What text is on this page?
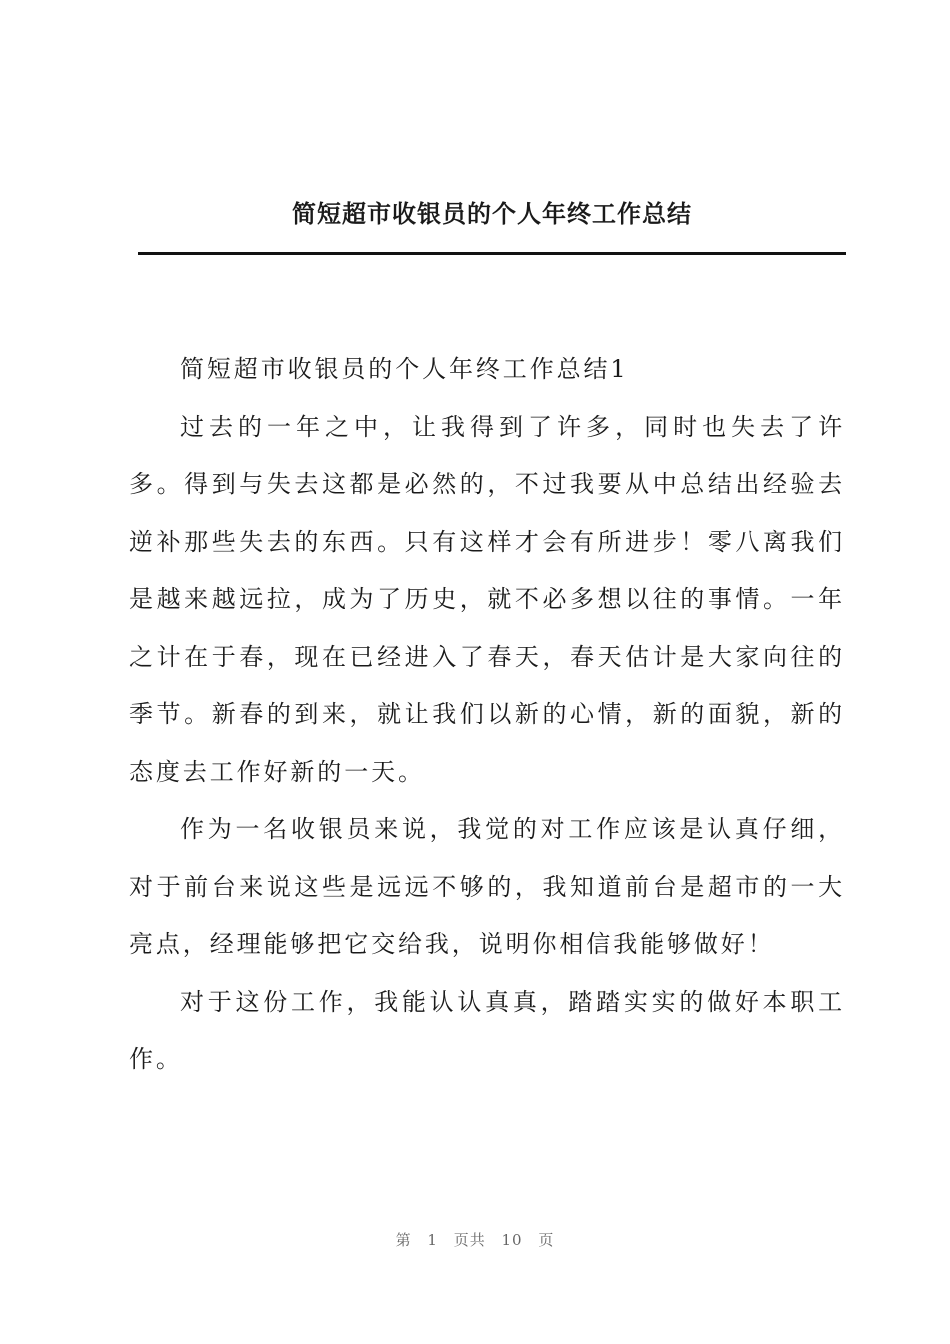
简短超市收银员的个人年终工作总结

简短超市收银员的个人年终工作总结1

过去的一年之中，让我得到了许多，同时也失去了许多。得到与失去这都是必然的，不过我要从中总结出经验去逆补那些失去的东西。只有这样才会有所进步！零八离我们是越来越远拉，成为了历史，就不必多想以往的事情。一年之计在于春，现在已经进入了春天，春天估计是大家向往的季节。新春的到来，就让我们以新的心情，新的面貌，新的态度去工作好新的一天。

作为一名收银员来说，我觉的对工作应该是认真仔细，对于前台来说这些是远远不够的，我知道前台是超市的一大亮点，经理能够把它交给我，说明你相信我能够做好！

对于这份工作，我能认认真真，踏踏实实的做好本职工作。

第 1 页共 10 页
